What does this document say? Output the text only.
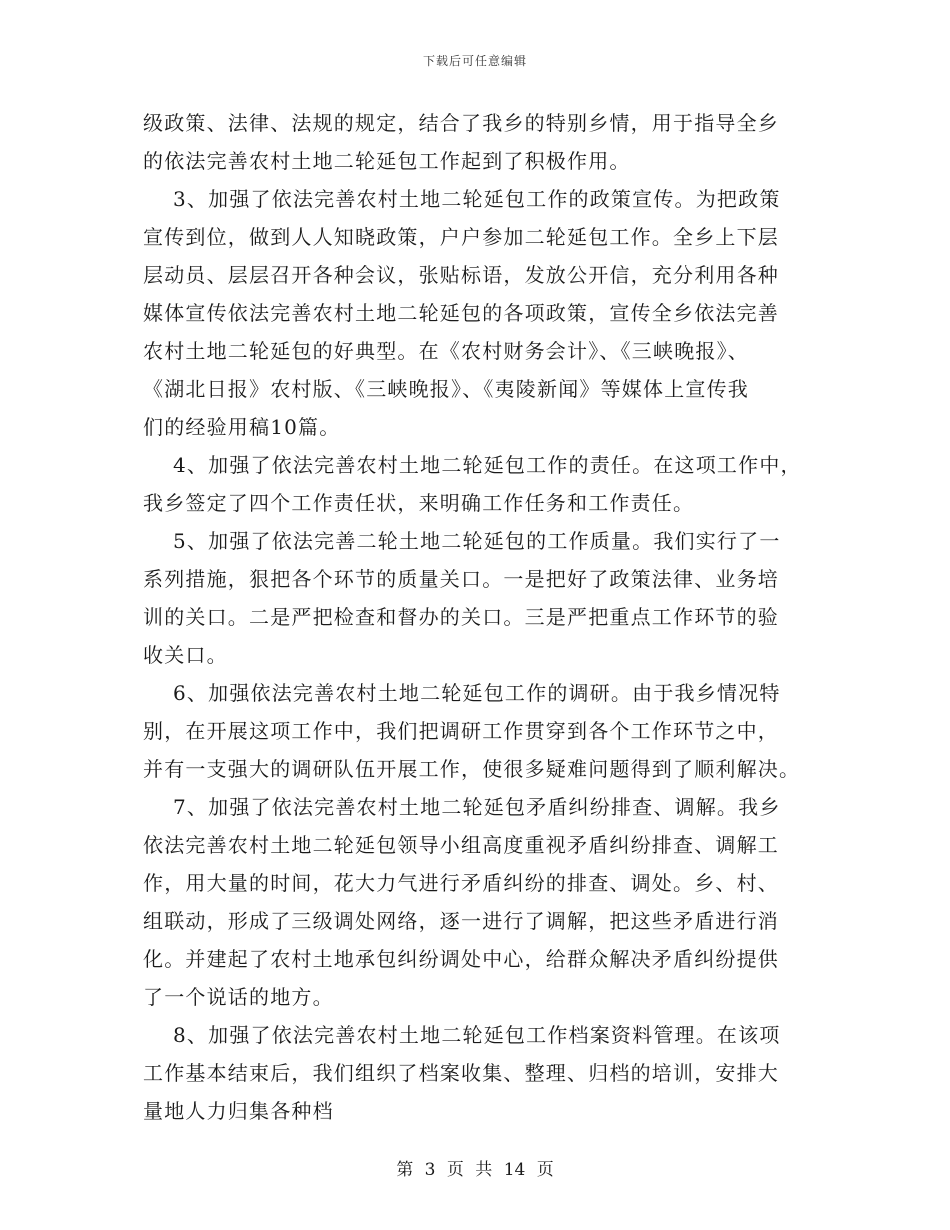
下载后可任意编辑
级政策、法律、法规的规定，结合了我乡的特别乡情，用于指导全乡
的依法完善农村土地二轮延包工作起到了积极作用。
3、加强了依法完善农村土地二轮延包工作的政策宣传。为把政策
宣传到位，做到人人知晓政策，户户参加二轮延包工作。全乡上下层
层动员、层层召开各种会议，张贴标语，发放公开信，充分利用各种
媒体宣传依法完善农村土地二轮延包的各项政策，宣传全乡依法完善
农村土地二轮延包的好典型。在《农村财务会计》、《三峡晚报》、
《湖北日报》农村版、《三峡晚报》、《夷陵新闻》等媒体上宣传我
们的经验用稿10篇。
4、加强了依法完善农村土地二轮延包工作的责任。在这项工作中，
我乡签定了四个工作责任状，来明确工作任务和工作责任。
5、加强了依法完善二轮土地二轮延包的工作质量。我们实行了一
系列措施，狠把各个环节的质量关口。一是把好了政策法律、业务培
训的关口。二是严把检查和督办的关口。三是严把重点工作环节的验
收关口。
6、加强依法完善农村土地二轮延包工作的调研。由于我乡情况特
别，在开展这项工作中，我们把调研工作贯穿到各个工作环节之中，
并有一支强大的调研队伍开展工作，使很多疑难问题得到了顺利解决。
7、加强了依法完善农村土地二轮延包矛盾纠纷排查、调解。我乡
依法完善农村土地二轮延包领导小组高度重视矛盾纠纷排查、调解工
作，用大量的时间，花大力气进行矛盾纠纷的排查、调处。乡、村、
组联动，形成了三级调处网络，逐一进行了调解，把这些矛盾进行消
化。并建起了农村土地承包纠纷调处中心，给群众解决矛盾纠纷提供
了一个说话的地方。
8、加强了依法完善农村土地二轮延包工作档案资料管理。在该项
工作基本结束后，我们组织了档案收集、整理、归档的培训，安排大
量地人力归集各种档
第 3 页 共 14 页
